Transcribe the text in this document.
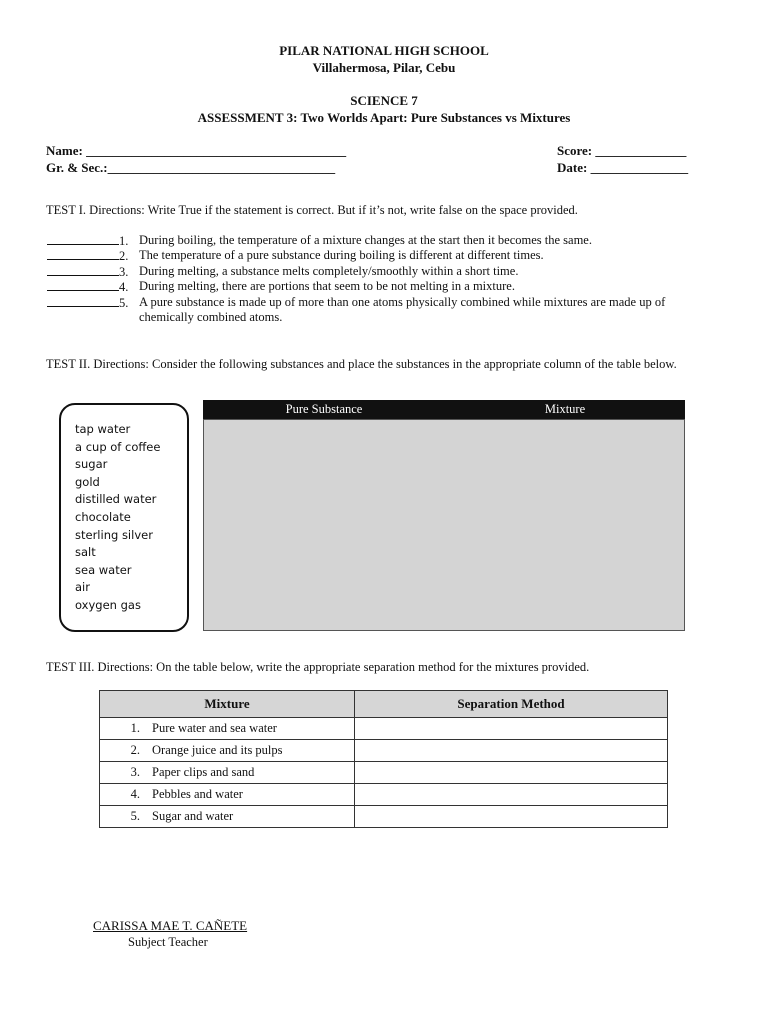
PILAR NATIONAL HIGH SCHOOL
Villahermosa, Pilar, Cebu
SCIENCE 7
ASSESSMENT 3: Two Worlds Apart: Pure Substances vs Mixtures
Name: ________________________________________
Gr. & Sec.:___________________________________
Score: ______________
Date: _______________
TEST I. Directions: Write True if the statement is correct. But if it’s not, write false on the space provided.
1. During boiling, the temperature of a mixture changes at the start then it becomes the same.
2. The temperature of a pure substance during boiling is different at different times.
3. During melting, a substance melts completely/smoothly within a short time.
4. During melting, there are portions that seem to be not melting in a mixture.
5. A pure substance is made up of more than one atoms physically combined while mixtures are made up of chemically combined atoms.
TEST II. Directions: Consider the following substances and place the substances in the appropriate column of the table below.
tap water
a cup of coffee
sugar
gold
distilled water
chocolate
sterling silver
salt
sea water
air
oxygen gas
Pure Substance	Mixture
TEST III. Directions: On the table below, write the appropriate separation method for the mixtures provided.
Mixture	Separation Method
1. Pure water and sea water	
2. Orange juice and its pulps	
3. Paper clips and sand	
4. Pebbles and water	
5. Sugar and water	
CARISSA MAE T. CAÑETE
Subject Teacher
